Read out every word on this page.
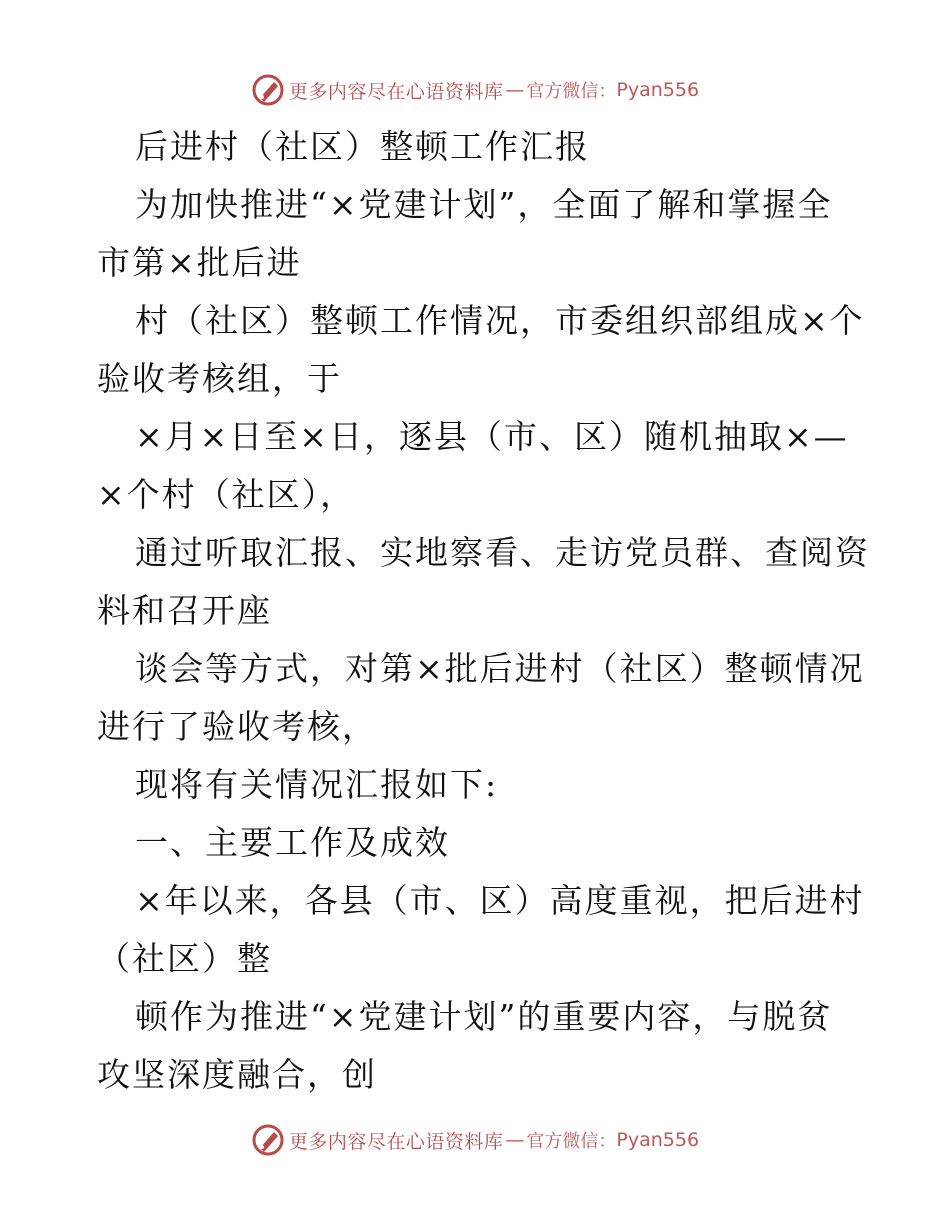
更多内容尽在心语资料库 — 官方微信： Pyan556

后进村（社区）整顿工作汇报

为加快推进“×党建计划”，全面了解和掌握全

市第×批后进

村（社区）整顿工作情况，市委组织部组成×个

验收考核组，于

×月×日至×日，逐县（市、区）随机抽取×—

×个村（社区），

通过听取汇报、实地察看、走访党员群、查阅资

料和召开座

谈会等方式，对第×批后进村（社区）整顿情况

进行了验收考核，

现将有关情况汇报如下:

一、主要工作及成效

×年以来，各县（市、区）高度重视，把后进村

（社区）整

顿作为推进“×党建计划”的重要内容，与脱贫

攻坚深度融合，创

更多内容尽在心语资料库 — 官方微信： Pyan556
